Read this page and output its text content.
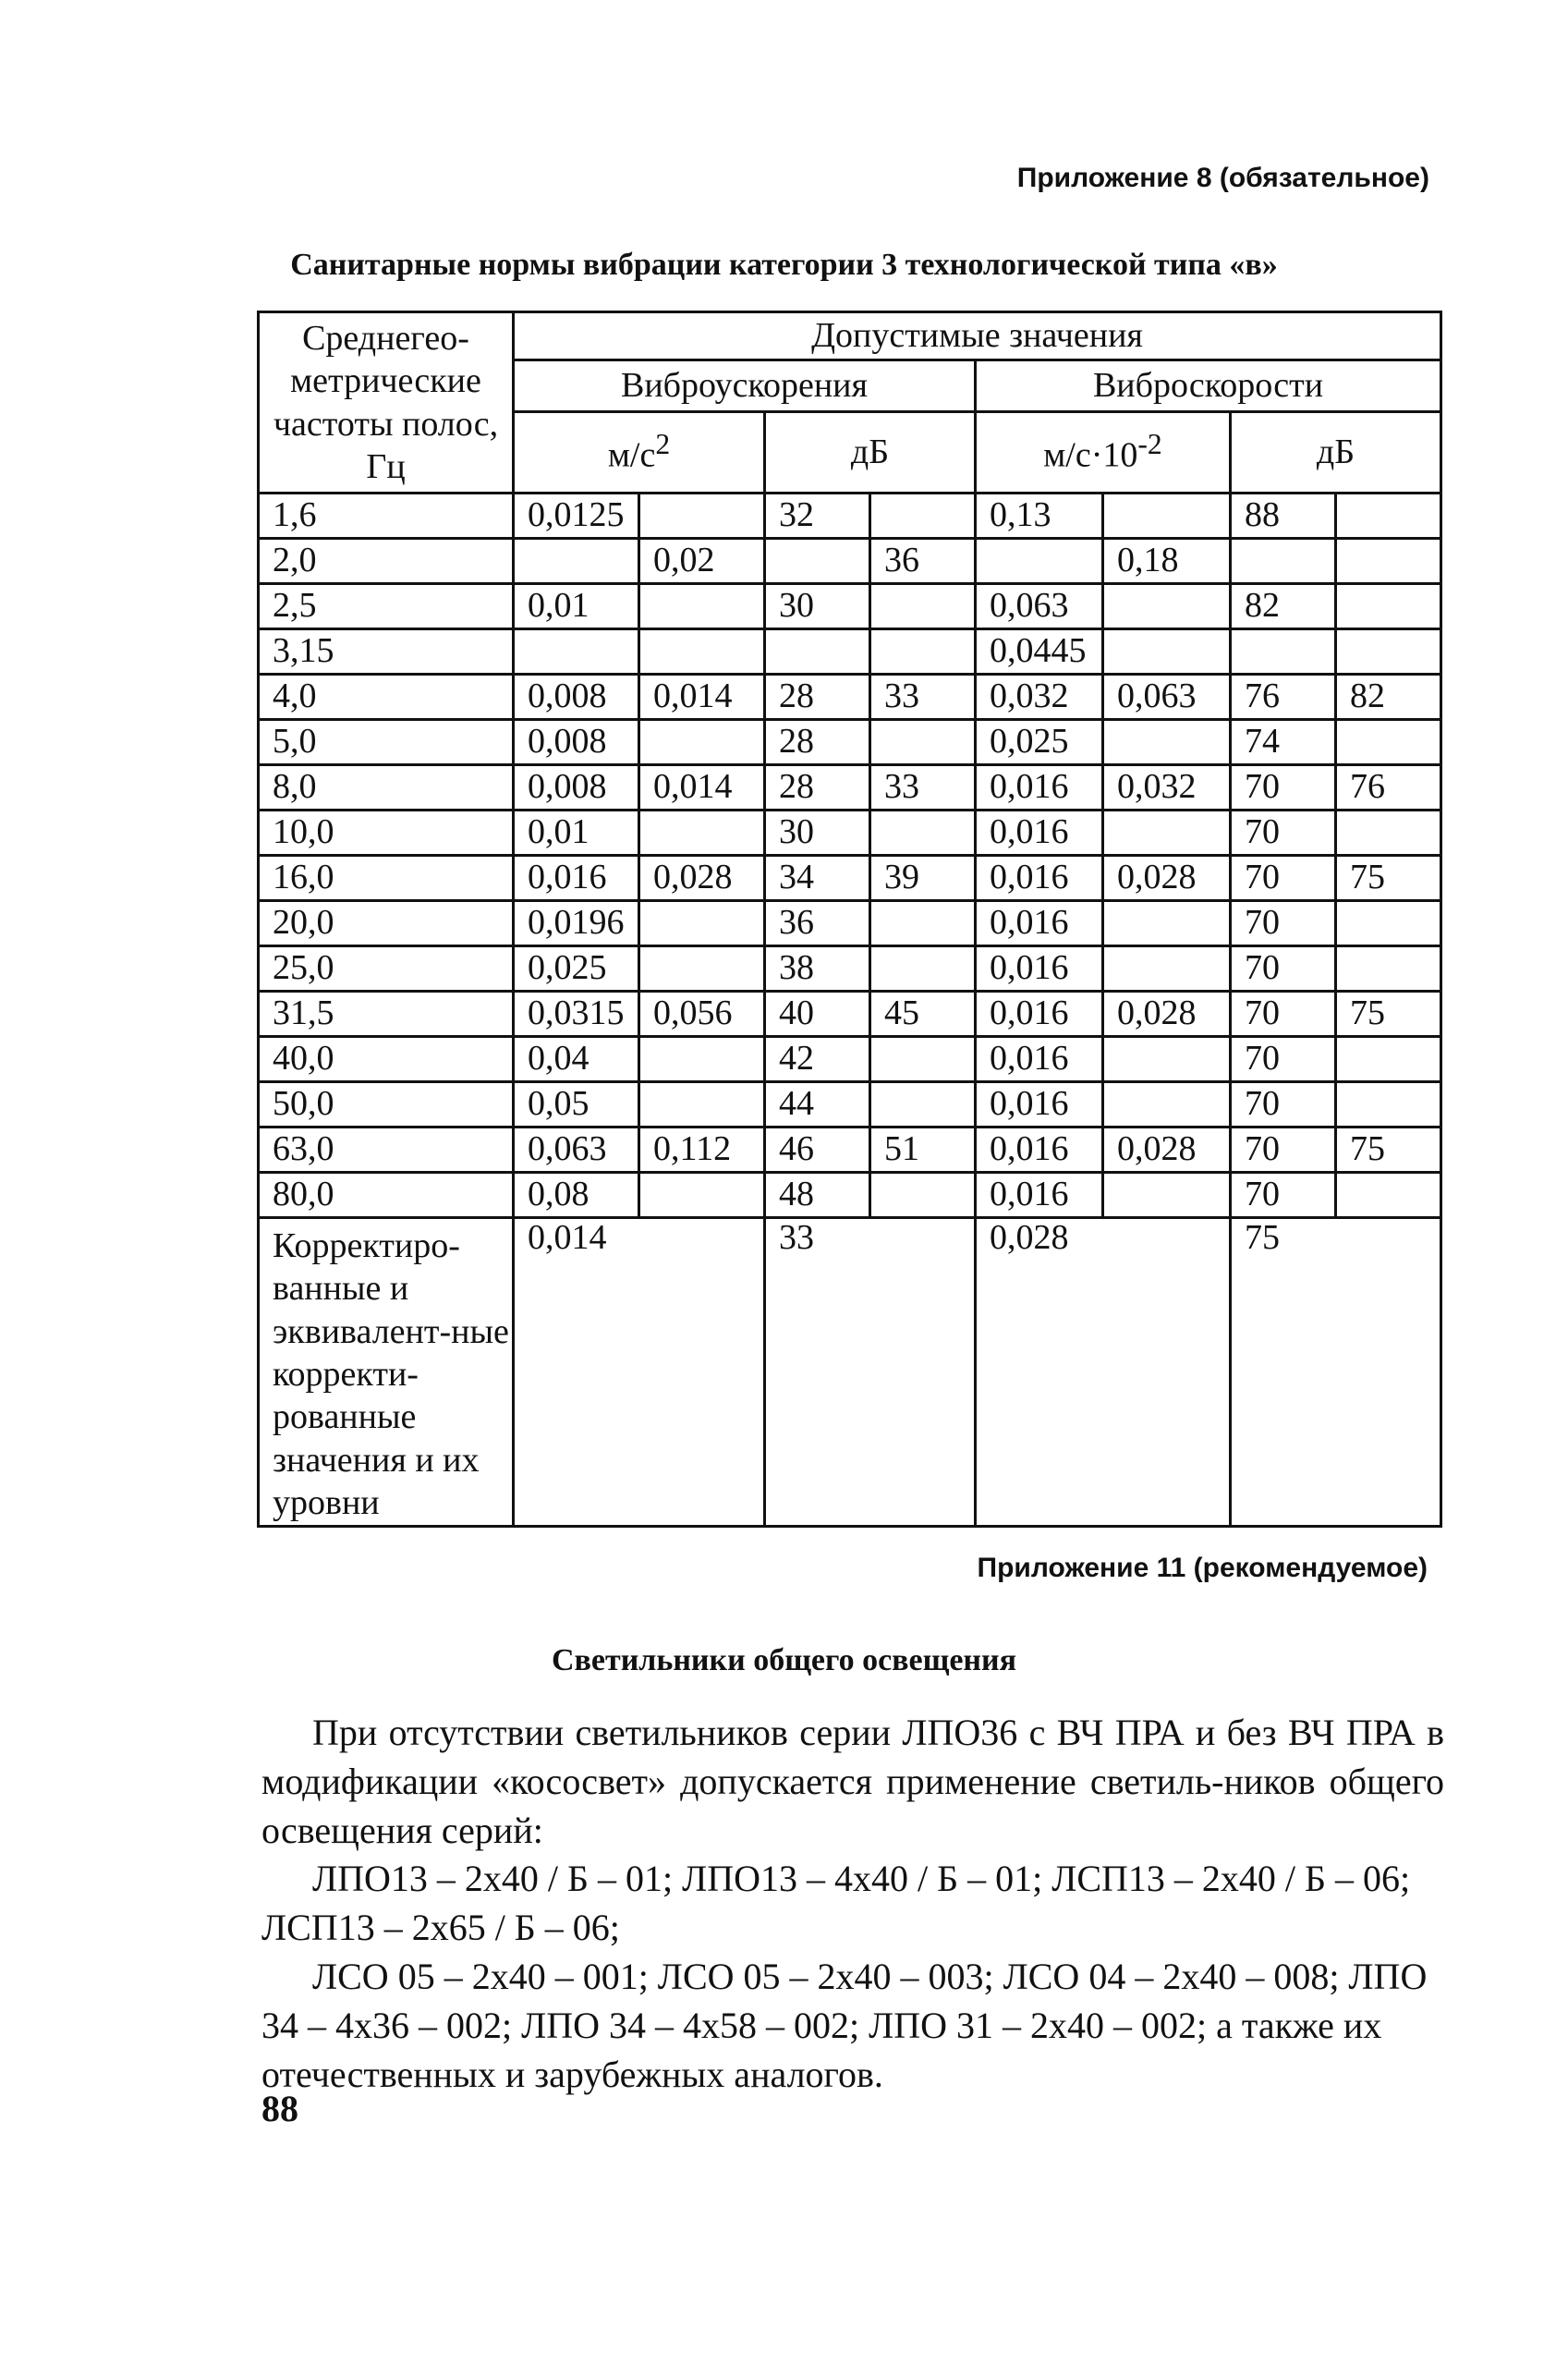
Приложение 8 (обязательное)
Санитарные нормы вибрации категории 3 технологической типа «в»
Среднегео-метрические частоты полос, Гц	Допустимые значения							
	Виброускорения				Виброскорости			
	$м/с^2$		дБ		$м/с\cdot 10^{-2}$		дБ	
1,6	0,0125		32		0,13		88	
2,0		0,02		36		0,18		
2,5	0,01		30		0,063		82	
3,15					0,0445			
4,0	0,008	0,014	28	33	0,032	0,063	76	82
5,0	0,008		28		0,025		74	
8,0	0,008	0,014	28	33	0,016	0,032	70	76
10,0	0,01		30		0,016		70	
16,0	0,016	0,028	34	39	0,016	0,028	70	75
20,0	0,0196		36		0,016		70	
25,0	0,025		38		0,016		70	
31,5	0,0315	0,056	40	45	0,016	0,028	70	75
40,0	0,04		42		0,016		70	
50,0	0,05		44		0,016		70	
63,0	0,063	0,112	46	51	0,016	0,028	70	75
80,0	0,08		48		0,016		70	
Корректиро-ванные и эквивалент-ные корректи-рованные значения и их уровни	0,014		33		0,028		75	
Приложение 11 (рекомендуемое)
Светильники общего освещения

При отсутствии светильников серии ЛПО36 с ВЧ ПРА и без ВЧ ПРА в модификации «кососвет» допускается применение светиль-ников общего освещения серий:

ЛПО13 – 2х40 / Б – 01; ЛПО13 – 4х40 / Б – 01; ЛСП13 – 2х40 / Б – 06; ЛСП13 – 2х65 / Б – 06;

ЛСО 05 – 2х40 – 001; ЛСО 05 – 2х40 – 003; ЛСО 04 – 2х40 – 008; ЛПО 34 – 4х36 – 002; ЛПО 34 – 4х58 – 002; ЛПО 31 – 2х40 – 002; а также их отечественных и зарубежных аналогов.

88
